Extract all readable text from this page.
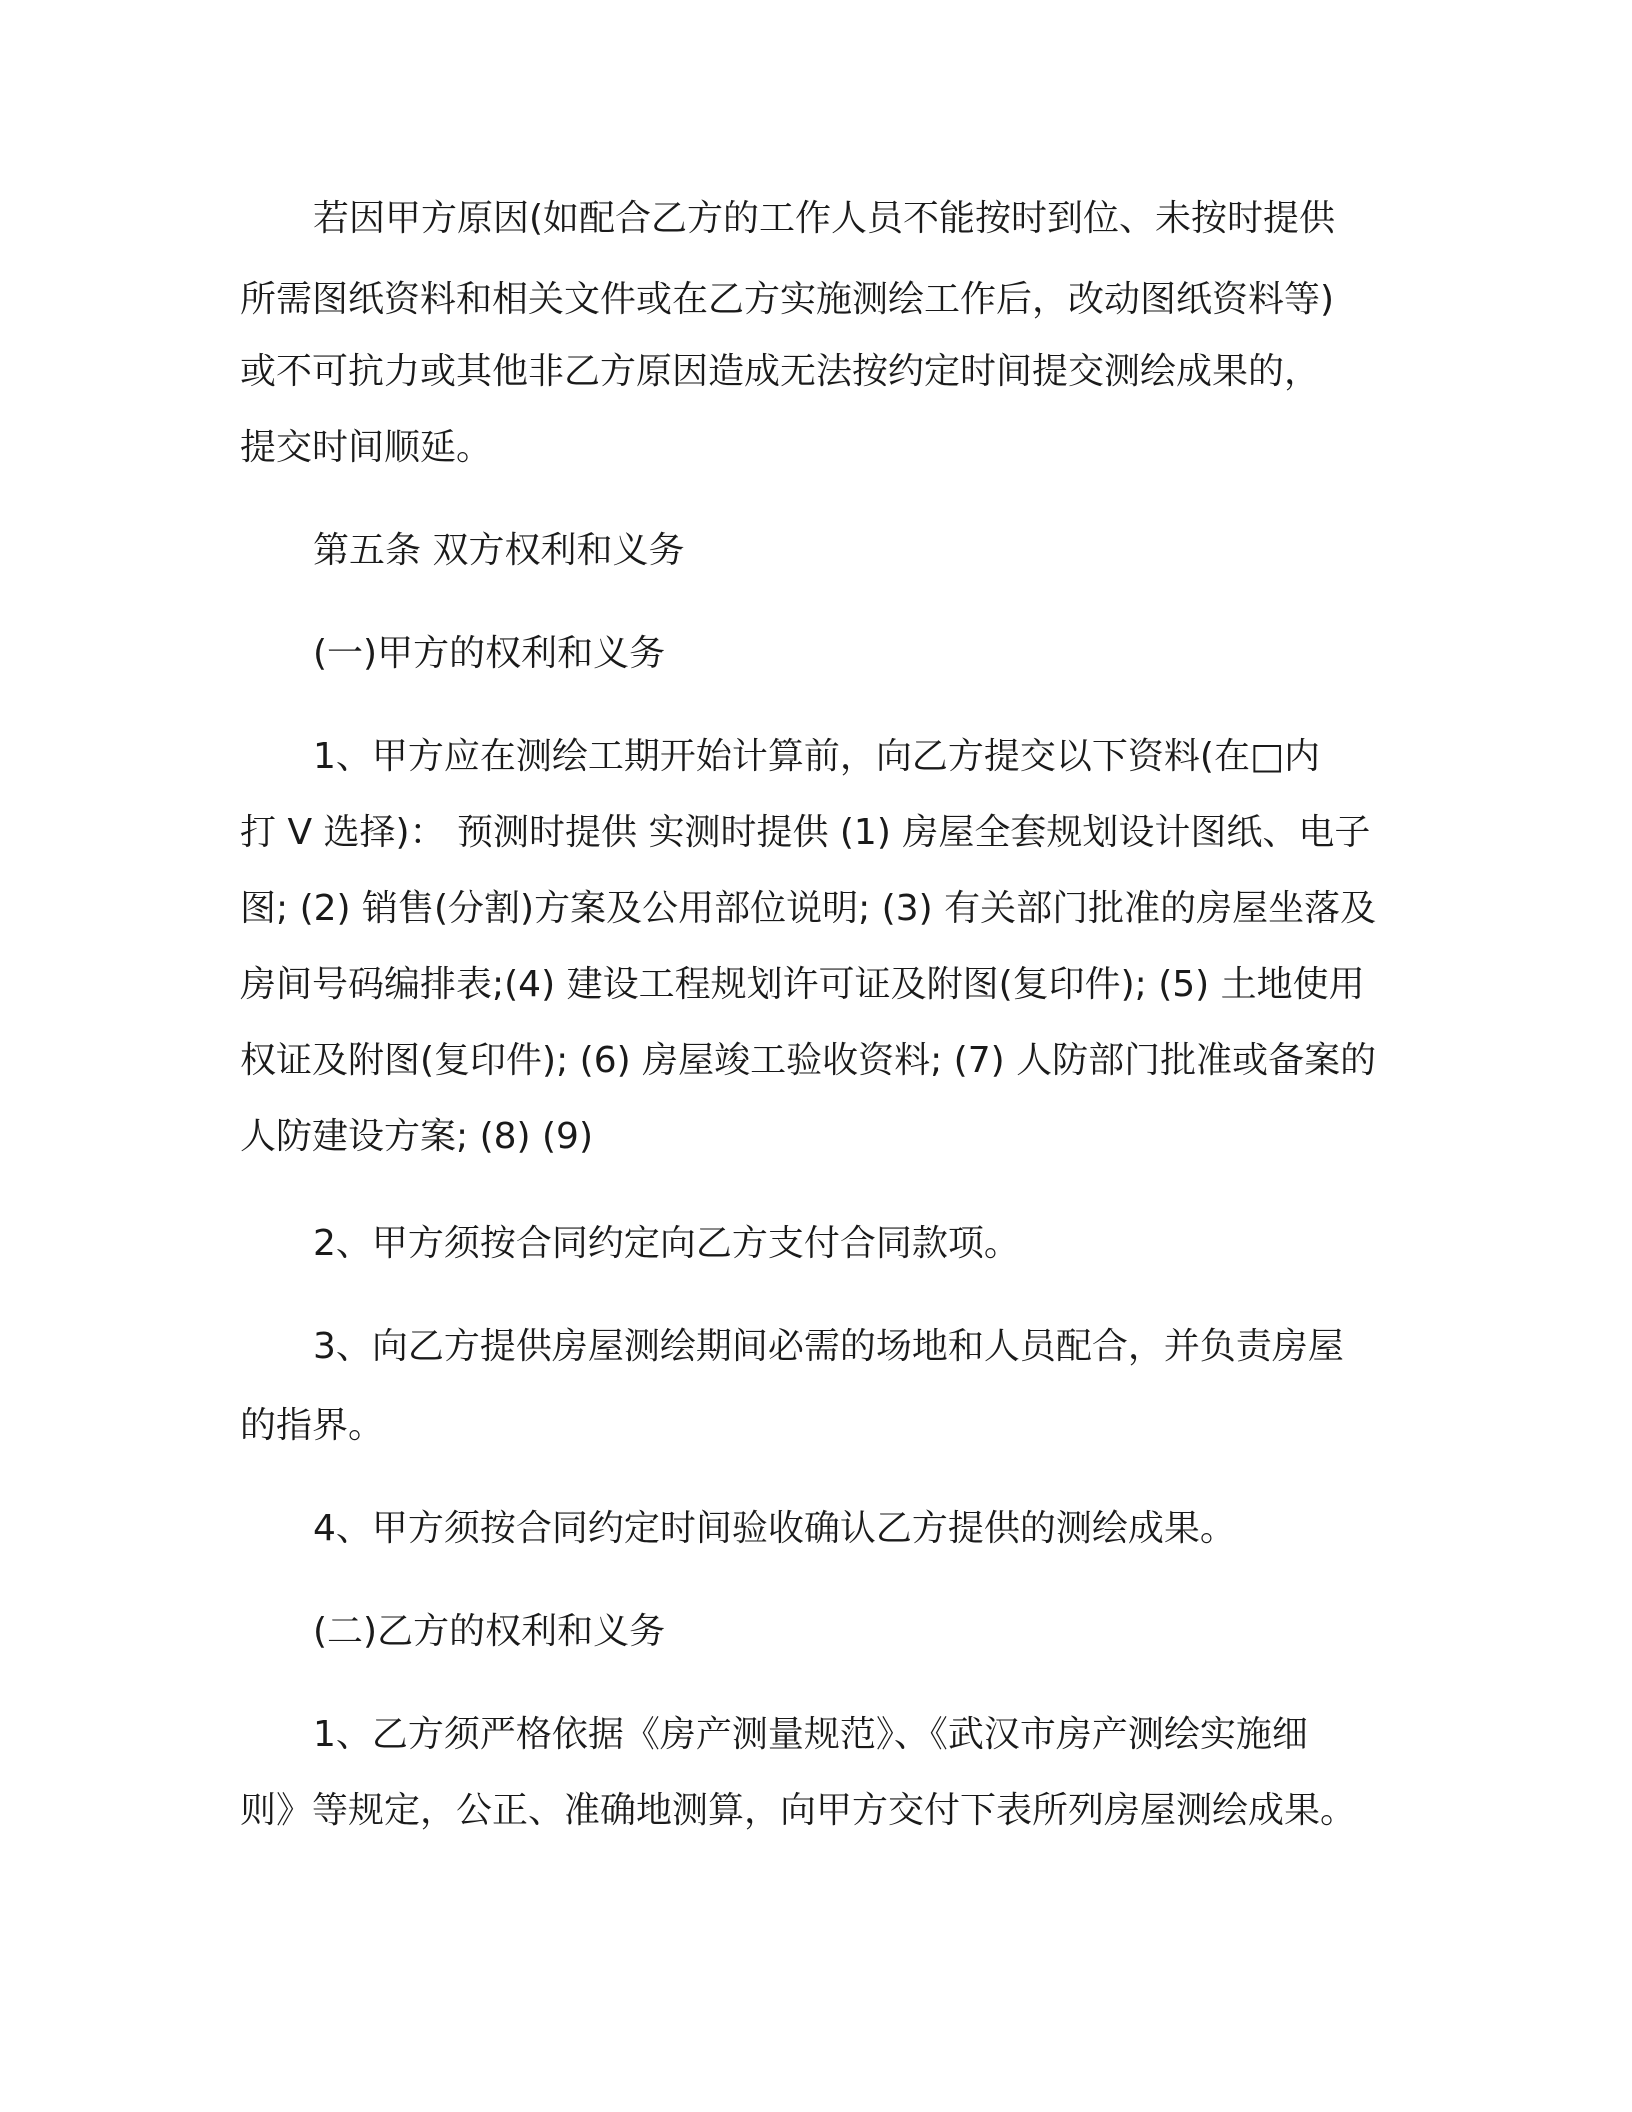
若因甲方原因(如配合乙方的工作人员不能按时到位、未按时提供

所需图纸资料和相关文件或在乙方实施测绘工作后，改动图纸资料等)

或不可抗力或其他非乙方原因造成无法按约定时间提交测绘成果的，

提交时间顺延。

第五条 双方权利和义务

(一)甲方的权利和义务

1、甲方应在测绘工期开始计算前，向乙方提交以下资料(在□内

打 V 选择)： 预测时提供 实测时提供 (1) 房屋全套规划设计图纸、电子

图; (2) 销售(分割)方案及公用部位说明; (3) 有关部门批准的房屋坐落及

房间号码编排表;(4) 建设工程规划许可证及附图(复印件); (5) 土地使用

权证及附图(复印件); (6) 房屋竣工验收资料; (7) 人防部门批准或备案的

人防建设方案; (8) (9)

2、甲方须按合同约定向乙方支付合同款项。

3、向乙方提供房屋测绘期间必需的场地和人员配合，并负责房屋

的指界。

4、甲方须按合同约定时间验收确认乙方提供的测绘成果。

(二)乙方的权利和义务

1、乙方须严格依据《房产测量规范》、《武汉市房产测绘实施细

则》等规定，公正、准确地测算，向甲方交付下表所列房屋测绘成果。
